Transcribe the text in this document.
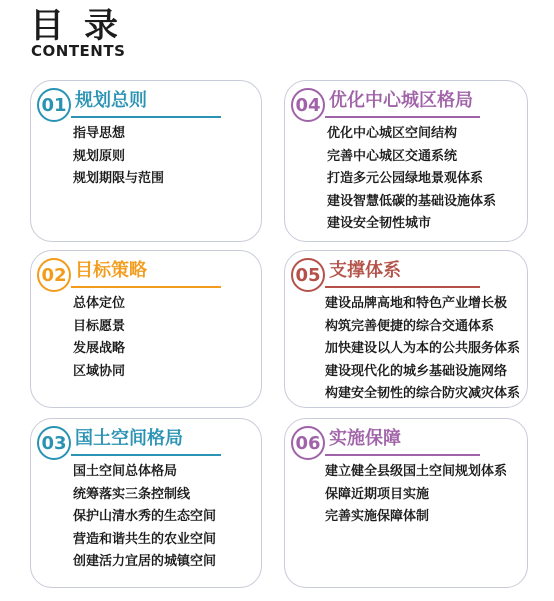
目录
CONTENTS
01 规划总则
指导思想
规划原则
规划期限与范围
04 优化中心城区格局
优化中心城区空间结构
完善中心城区交通系统
打造多元公园绿地景观体系
建设智慧低碳的基础设施体系
建设安全韧性城市
02 目标策略
总体定位
目标愿景
发展战略
区域协同
05 支撑体系
建设品牌高地和特色产业增长极
构筑完善便捷的综合交通体系
加快建设以人为本的公共服务体系
建设现代化的城乡基础设施网络
构建安全韧性的综合防灾减灾体系
03 国土空间格局
国土空间总体格局
统筹落实三条控制线
保护山清水秀的生态空间
营造和谐共生的农业空间
创建活力宜居的城镇空间
06 实施保障
建立健全县级国土空间规划体系
保障近期项目实施
完善实施保障体制
